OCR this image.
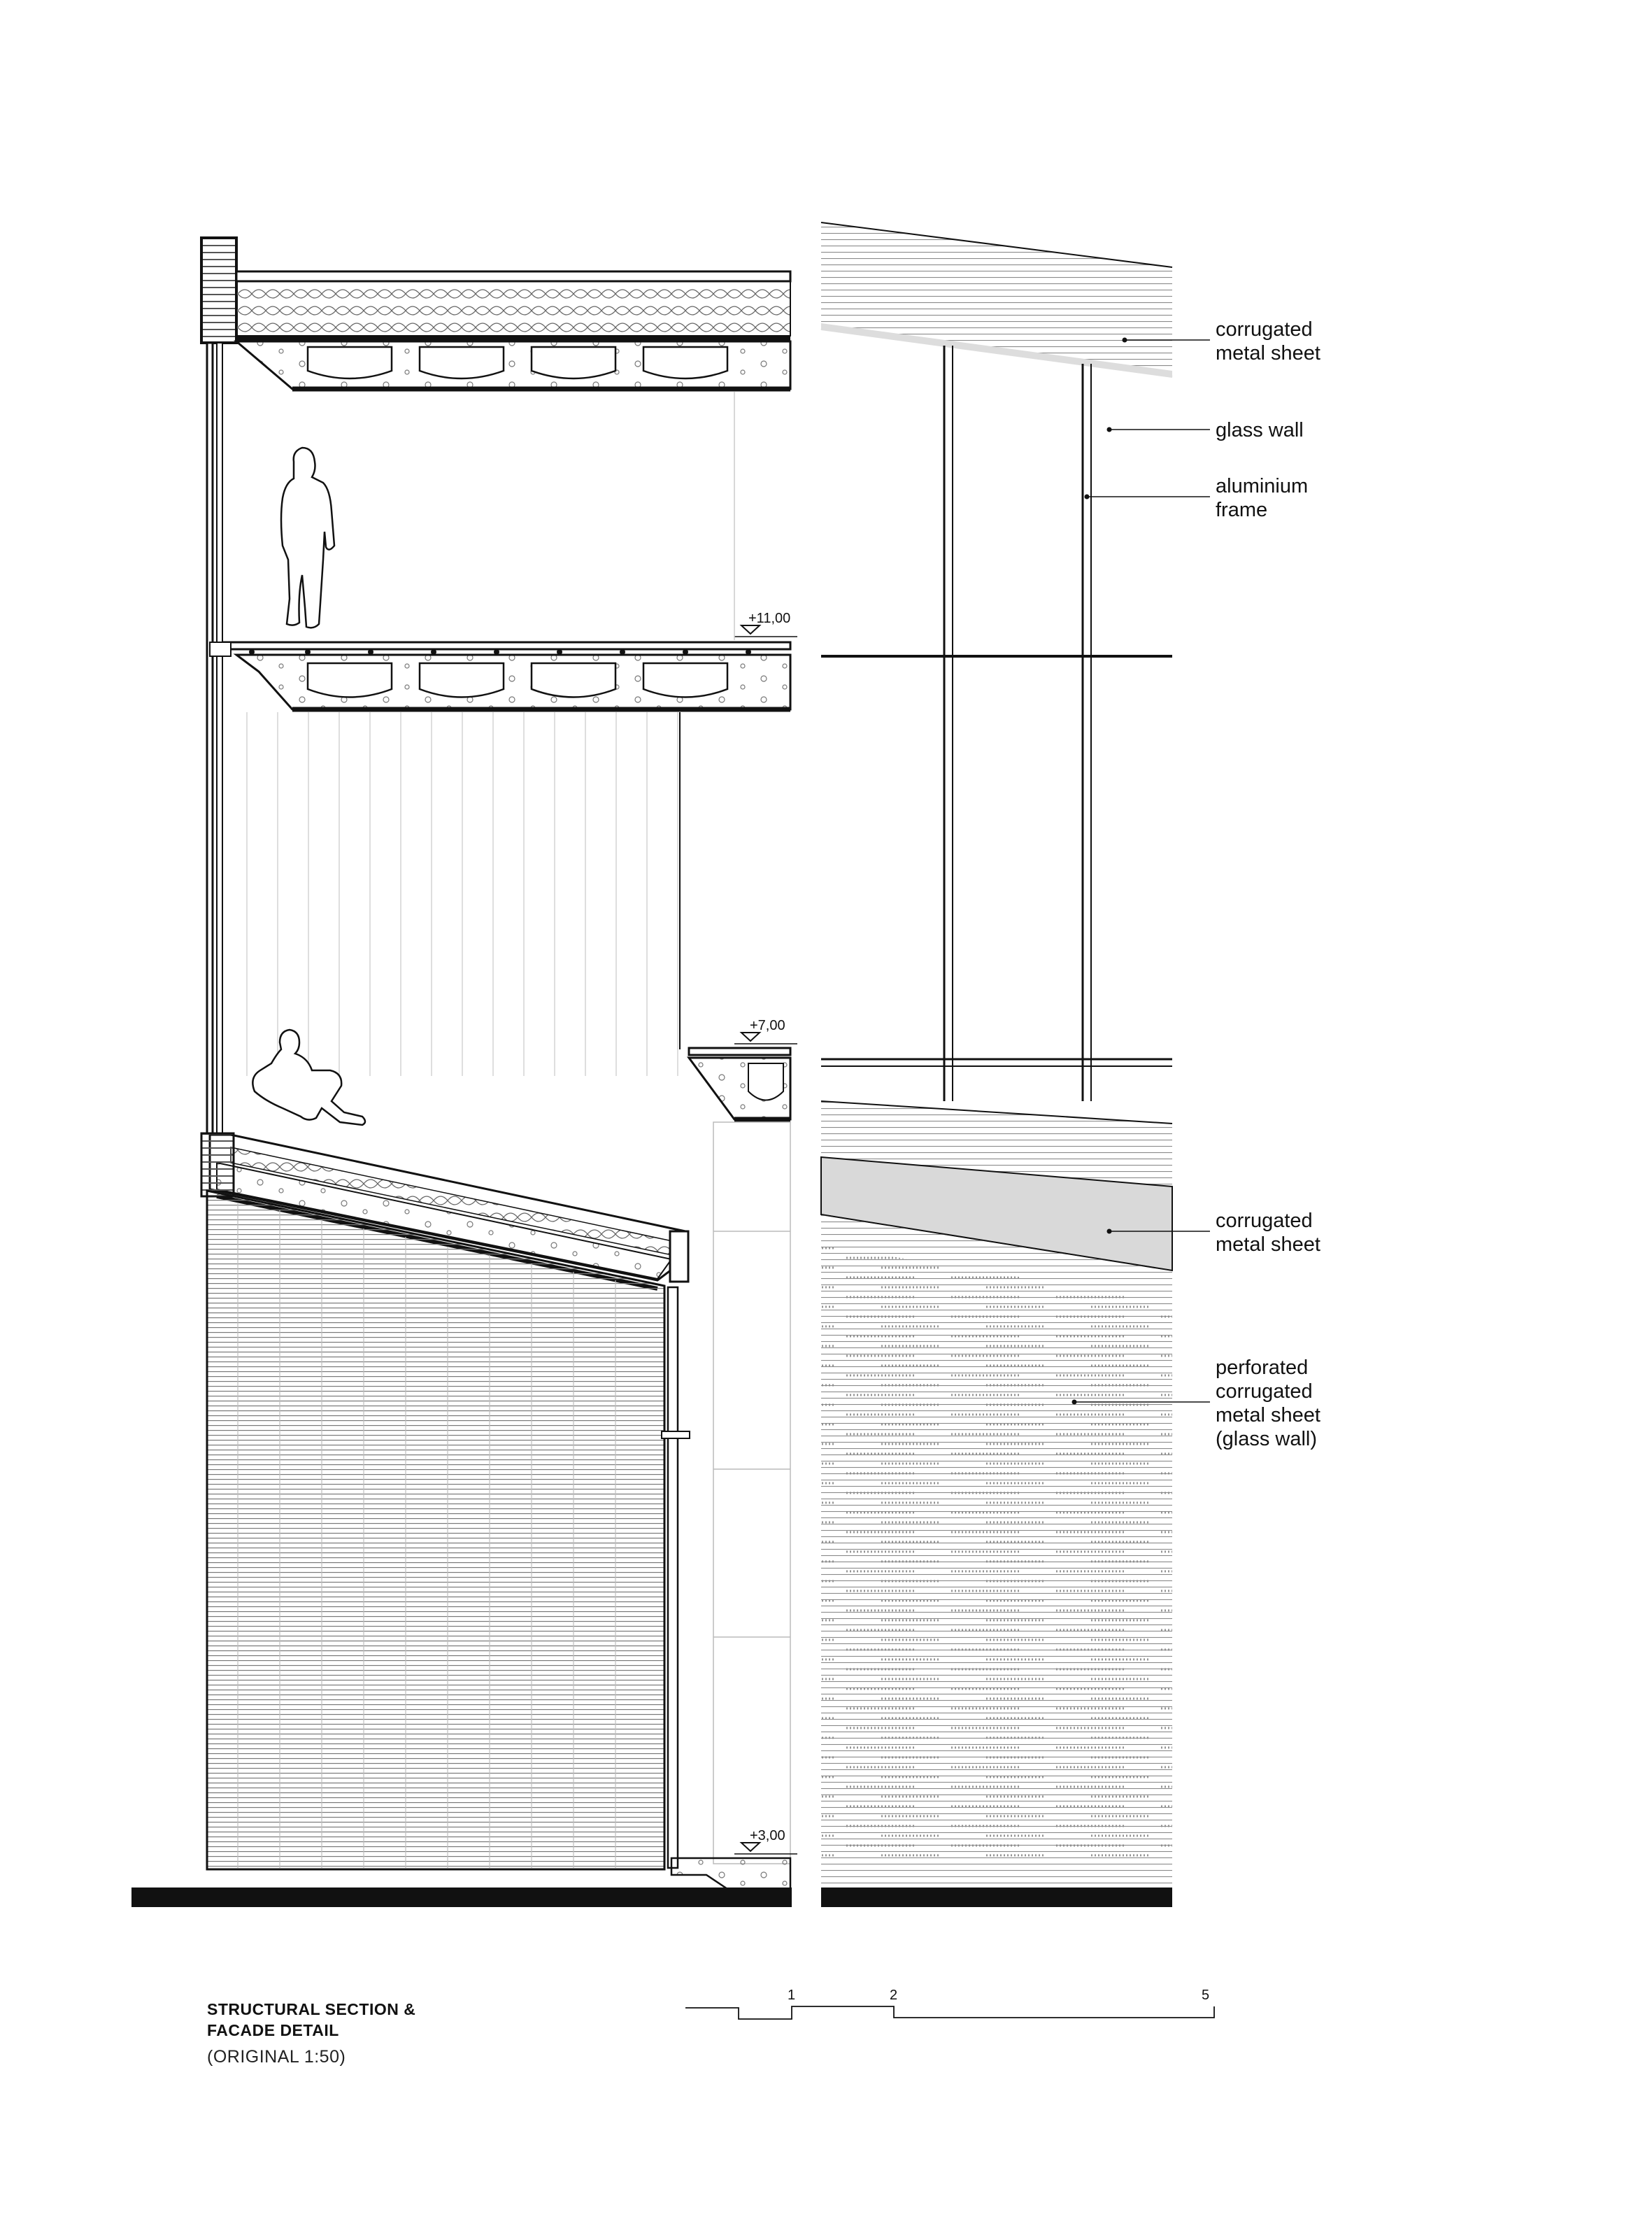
+11,00
+7,00
+3,00
corrugated metal sheet
glass wall
aluminium frame
corrugated metal sheet
perforated corrugated metal sheet (glass wall)
STRUCTURAL SECTION &
FACADE DETAIL
(ORIGINAL 1:50)
1	2	5
